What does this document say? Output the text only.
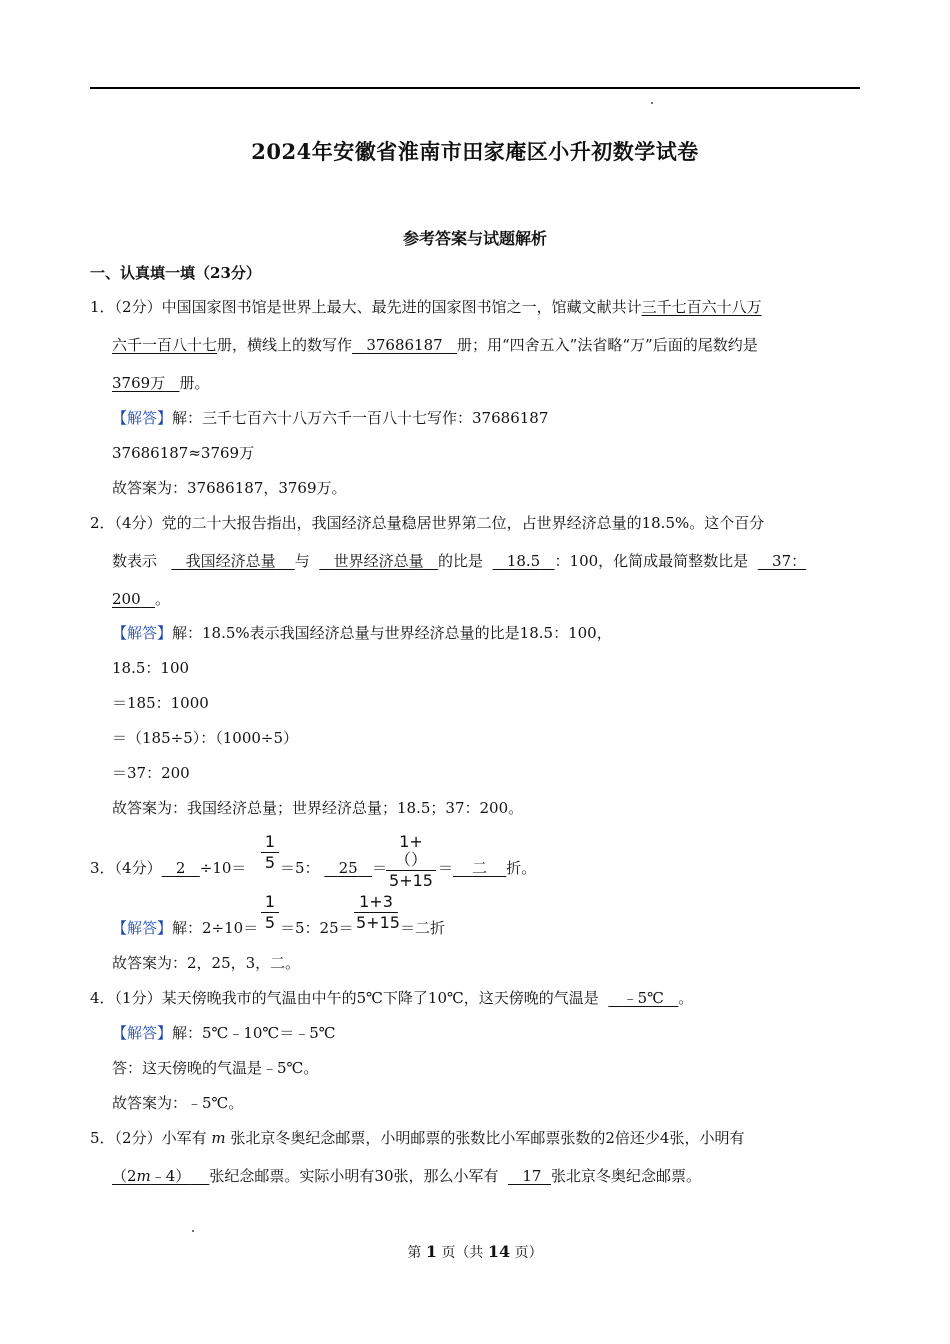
2024年安徽省淮南市田家庵区小升初数学试卷
参考答案与试题解析
一、认真填一填（23分）
1．（2分）中国国家图书馆是世界上最大、最先进的国家图书馆之一，馆藏文献共计三千七百六十八万
六千一百八十七册，横线上的数写作 37686187 册；用“四舍五入”法省略“万”后面的尾数约是
3769万 册。
【解答】解：三千七百六十八万六千一百八十七写作：37686187
37686187≈3769万
故答案为：37686187，3769万。
2．（4分）党的二十大报告指出，我国经济总量稳居世界第二位，占世界经济总量的18.5%。这个百分
数表示 我国经济总量 与 世界经济总量 的比是 18.5 ：100，化简成最简整数比是 37：
200 。
【解答】解：18.5%表示我国经济总量与世界经济总量的比是18.5：100，
18.5：100
＝185：1000
＝（185÷5）：（1000÷5）
＝37：200
故答案为：我国经济总量；世界经济总量；18.5；37：200。
3．（4分） 2 ÷10＝
1
5 ＝5： 25 ＝
1+（）
5+15
＝ 二 折。
【解答】解：2÷10＝
1
5 ＝5：25＝
1+3
5+15 ＝二折
故答案为：2，25，3，二。
4．（1分）某天傍晚我市的气温由中午的5℃下降了10℃，这天傍晚的气温是 ﹣5℃ 。
【解答】解：5℃﹣10℃＝﹣5℃
答：这天傍晚的气温是﹣5℃。
故答案为：﹣5℃。
5．（2分）小军有 m 张北京冬奥纪念邮票，小明邮票的张数比小军邮票张数的2倍还少4张，小明有
（2m﹣4） 张纪念邮票。实际小明有30张，那么小军有 17 张北京冬奥纪念邮票。
第 1 页（共 14 页）
